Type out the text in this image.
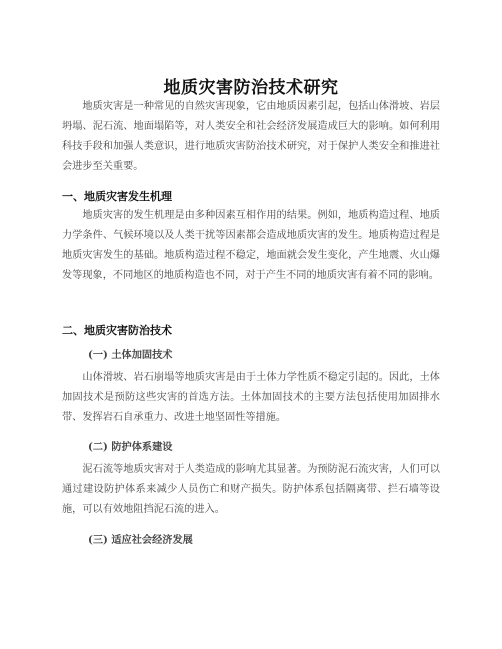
地质灾害防治技术研究

地质灾害是一种常见的自然灾害现象，它由地质因素引起，包括山体滑坡、岩层坍塌、泥石流、地面塌陷等，对人类安全和社会经济发展造成巨大的影响。如何利用科技手段和加强人类意识，进行地质灾害防治技术研究，对于保护人类安全和推进社会进步至关重要。

一、地质灾害发生机理

地质灾害的发生机理是由多种因素互相作用的结果。例如，地质构造过程、地质力学条件、气候环境以及人类干扰等因素都会造成地质灾害的发生。地质构造过程是地质灾害发生的基础。地质构造过程不稳定，地面就会发生变化，产生地震、火山爆发等现象，不同地区的地质构造也不同，对于产生不同的地质灾害有着不同的影响。

二、地质灾害防治技术
(一) 土体加固技术

山体滑坡、岩石崩塌等地质灾害是由于土体力学性质不稳定引起的。因此，土体加固技术是预防这些灾害的首选方法。土体加固技术的主要方法包括使用加固排水带、发挥岩石自承重力、改进土地坚固性等措施。

(二) 防护体系建设

泥石流等地质灾害对于人类造成的影响尤其显著。为预防泥石流灾害，人们可以通过建设防护体系来减少人员伤亡和财产损失。防护体系包括隔离带、拦石墙等设施，可以有效地阻挡泥石流的进入。

(三) 适应社会经济发展
